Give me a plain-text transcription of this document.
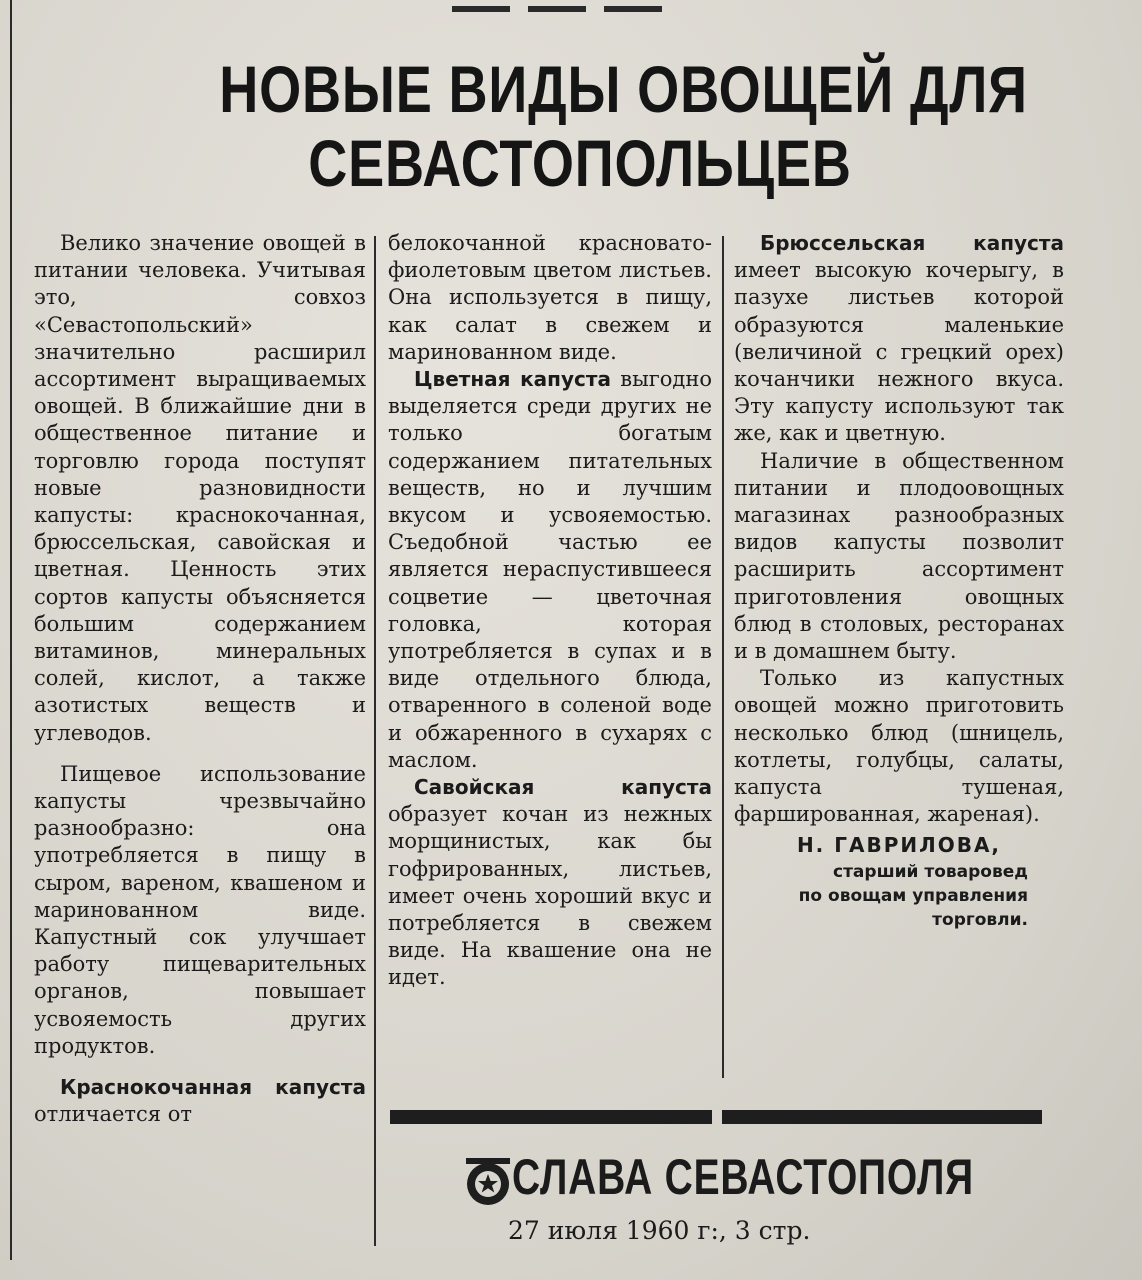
НОВЫЕ ВИДЫ ОВОЩЕЙ ДЛЯ
СЕВАСТОПОЛЬЦЕВ

Велико значение овощей в питании человека. Учитывая это, совхоз «Севастопольский» значительно расширил ассортимент выращиваемых овощей. В ближайшие дни в общественное питание и торговлю города поступят новые разновидности капусты: краснокочанная, брюссельская, савойская и цветная. Ценность этих сортов капусты объясняется большим содержанием витаминов, минеральных солей, кислот, а также азотистых веществ и углеводов.

Пищевое использование капусты чрезвычайно разнообразно: она употребляется в пищу в сыром, вареном, квашеном и маринованном виде. Капустный сок улучшает работу пищеварительных органов, повышает усвояемость других продуктов.

Краснокочанная капуста отличается от

белокочанной красновато-фиолетовым цветом листьев. Она используется в пищу, как салат в свежем и маринованном виде.

Цветная капуста выгодно выделяется среди других не только богатым содержанием питательных веществ, но и лучшим вкусом и усвояемостью. Съедобной частью ее является нераспустившееся соцветие — цветочная головка, которая употребляется в супах и в виде отдельного блюда, отваренного в соленой воде и обжаренного в сухарях с маслом.

Савойская капуста образует кочан из нежных морщинистых, как бы гофрированных, листьев, имеет очень хороший вкус и потребляется в свежем виде. На квашение она не идет.

Брюссельская капуста имеет высокую кочерыгу, в пазухе листьев которой образуются маленькие (величиной с грецкий орех) кочанчики нежного вкуса. Эту капусту используют так же, как и цветную.

Наличие в общественном питании и плодоовощных магазинах разнообразных видов капусты позволит расширить ассортимент приготовления овощных блюд в столовых, ресторанах и в домашнем быту.

Только из капустных овощей можно приготовить несколько блюд (шницель, котлеты, голубцы, салаты, капуста тушеная, фаршированная, жареная).

Н. ГАВРИЛОВА,
старший товаровед
по овощам управления
торговли.
СЛАВА СЕВАСТОПОЛЯ
27 июля 1960 г:, 3 стр.
